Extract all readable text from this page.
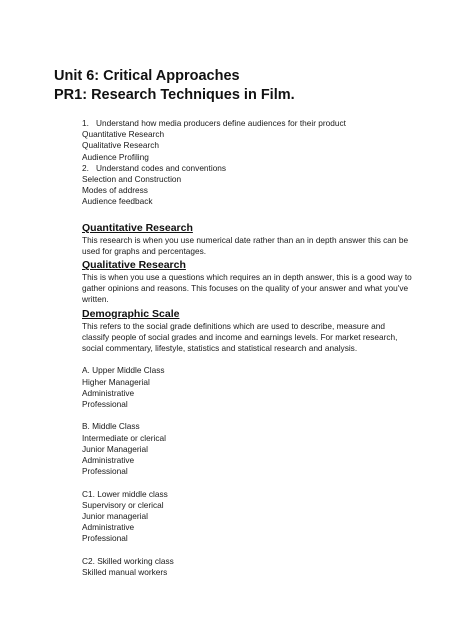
Unit 6: Critical Approaches
PR1: Research Techniques in Film.
1. Understand how media producers define audiences for their product
Quantitative Research
Qualitative Research
Audience Profiling
2. Understand codes and conventions
Selection and Construction
Modes of address
Audience feedback
Quantitative Research
This research is when you use numerical date rather than an in depth answer this can be used for graphs and percentages.
Qualitative Research
This is when you use a questions which requires an in depth answer, this is a good way to gather opinions and reasons. This focuses on the quality of your answer and what you've written.
Demographic Scale
This refers to the social grade definitions which are used to describe, measure and classify people of social grades and income and earnings levels. For market research, social commentary, lifestyle, statistics and statistical research and analysis.
A. Upper Middle Class
Higher Managerial
Administrative
Professional
B. Middle Class
Intermediate or clerical
Junior Managerial
Administrative
Professional
C1. Lower middle class
Supervisory or clerical
Junior managerial
Administrative
Professional
C2. Skilled working class
Skilled manual workers
